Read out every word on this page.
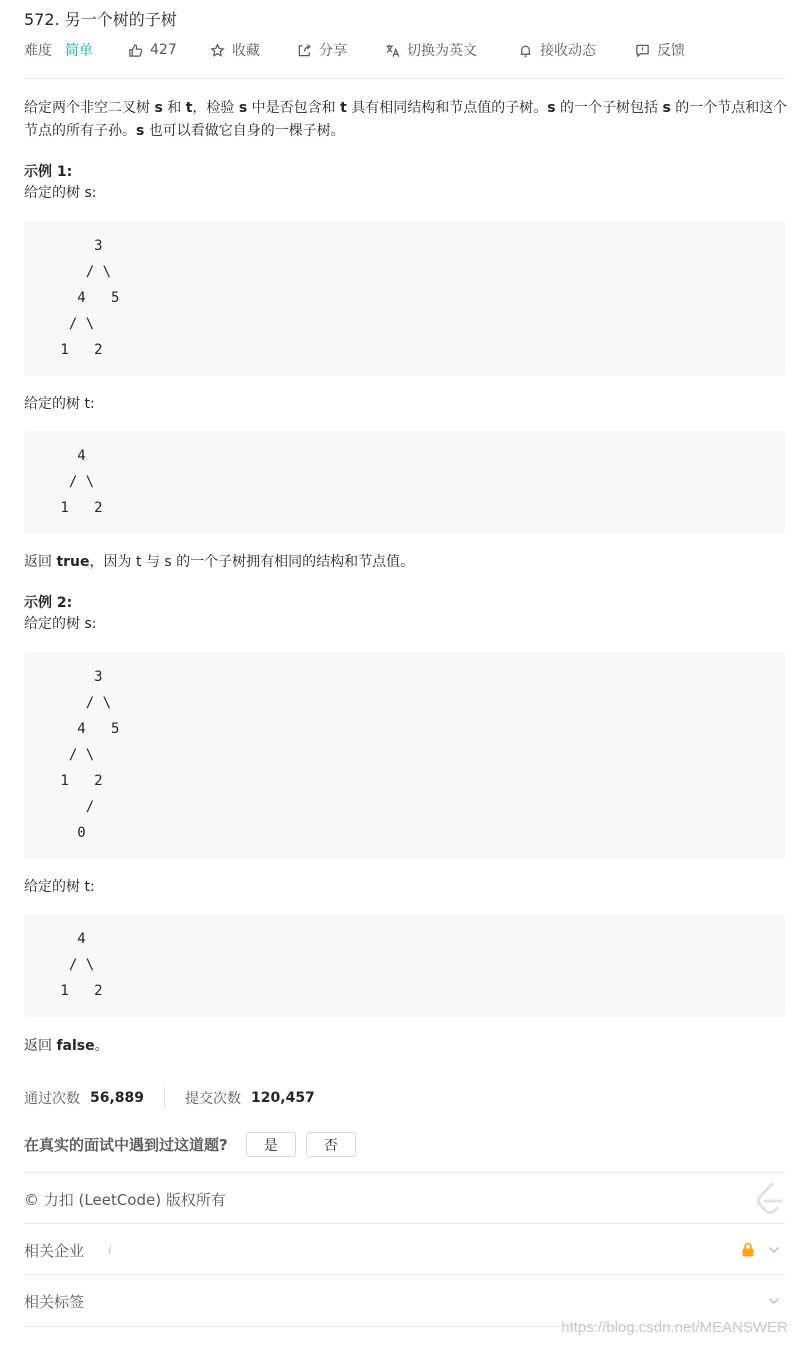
572. 另一个树的子树
难度 简单	427	收藏	分享	切换为英文	接收动态	反馈
给定两个非空二叉树 s 和 t，检验 s 中是否包含和 t 具有相同结构和节点值的子树。s 的一个子树包括 s 的一个节点和这个节点的所有子孙。s 也可以看做它自身的一棵子树。
示例 1:
给定的树 s:
3
/ \
4   5
/ \
1   2
给定的树 t:
4
/ \
1   2
返回 true，因为 t 与 s 的一个子树拥有相同的结构和节点值。
示例 2:
给定的树 s:
3
/ \
4   5
/ \
1   2
/
0
给定的树 t:
4
/ \
1   2
返回 false。
通过次数 56,889	提交次数 120,457
在真实的面试中遇到过这道题?	是	否
© 力扣 (LeetCode) 版权所有
相关企业 i
相关标签
https://blog.csdn.net/MEANSWER
